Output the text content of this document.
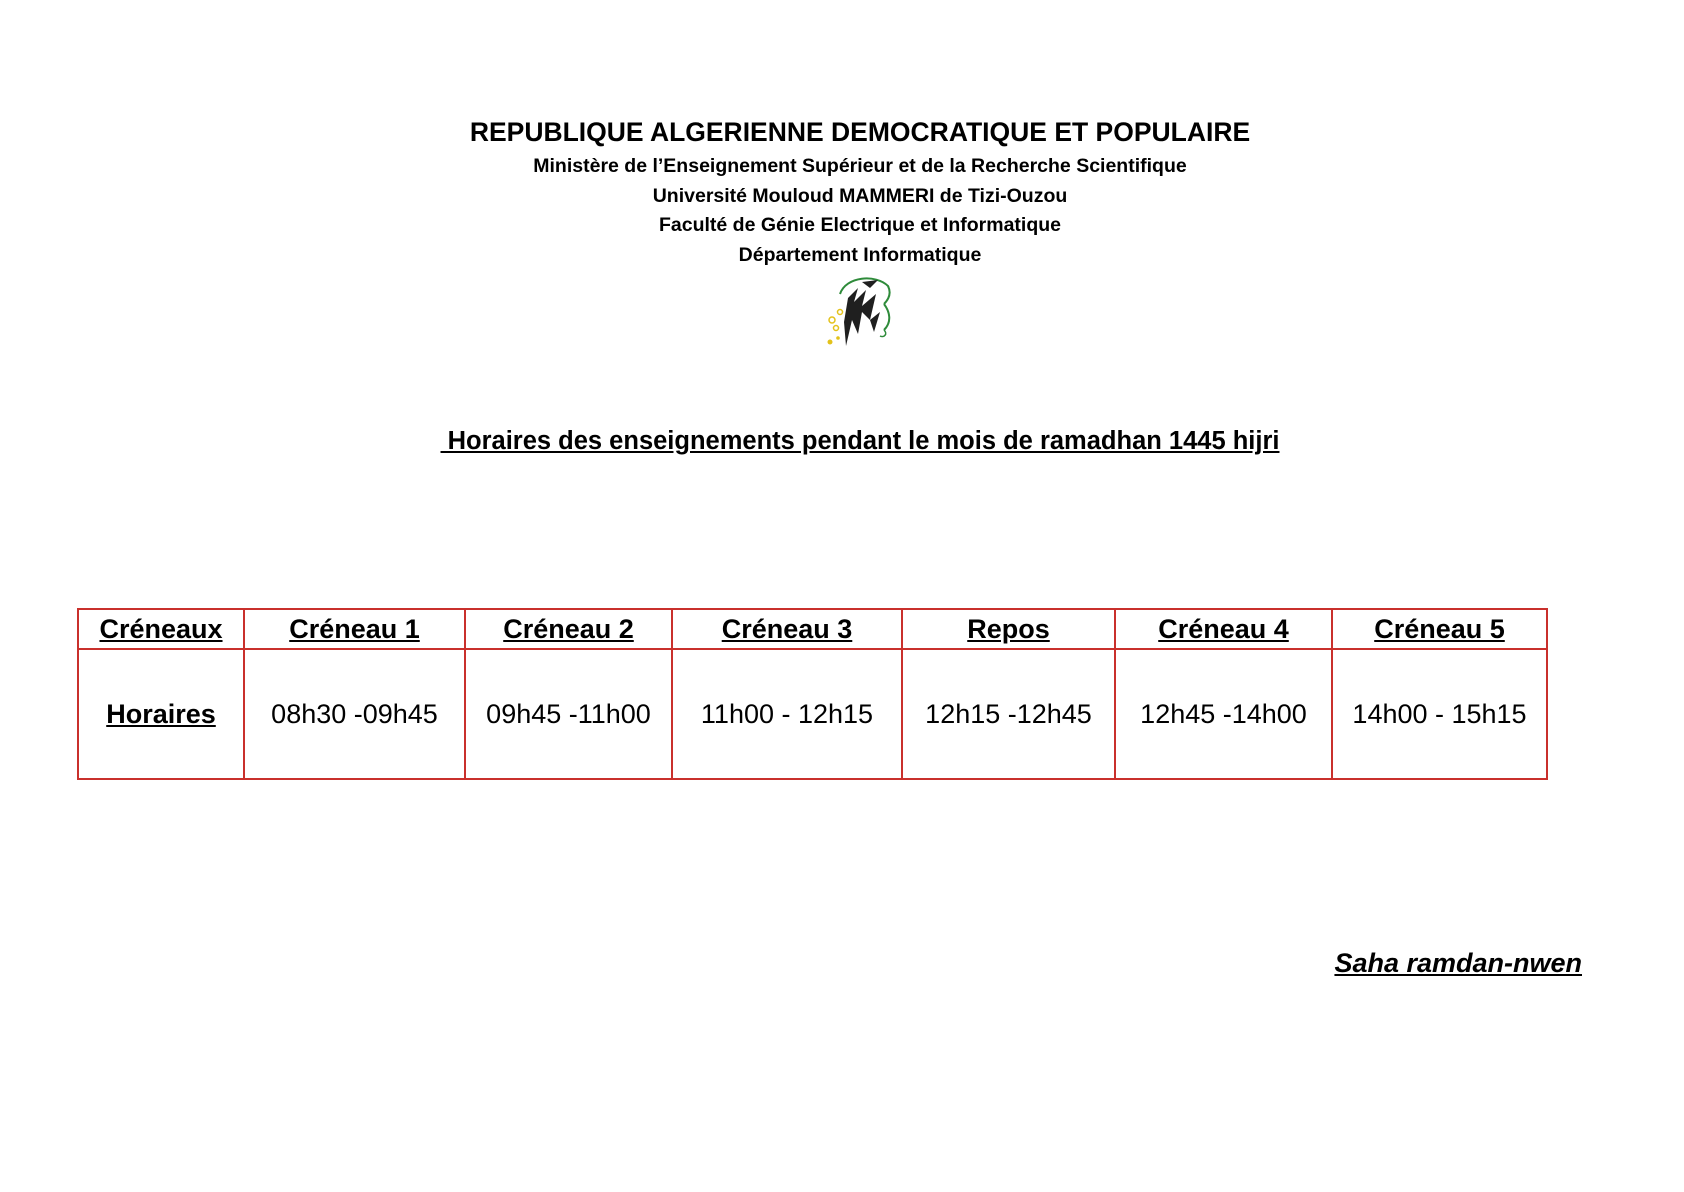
REPUBLIQUE ALGERIENNE DEMOCRATIQUE ET POPULAIRE
Ministère de l’Enseignement Supérieur et de la Recherche Scientifique
Université Mouloud MAMMERI de Tizi-Ouzou
Faculté de Génie Electrique et Informatique
Département Informatique
Horaires des enseignements pendant le mois de ramadhan 1445 hijri
Créneaux	Créneau 1	Créneau 2	Créneau 3	Repos	Créneau 4	Créneau 5
Horaires	08h30 -09h45	09h45 -11h00	11h00 - 12h15	12h15 -12h45	12h45 -14h00	14h00 - 15h15
Saha ramdan-nwen
